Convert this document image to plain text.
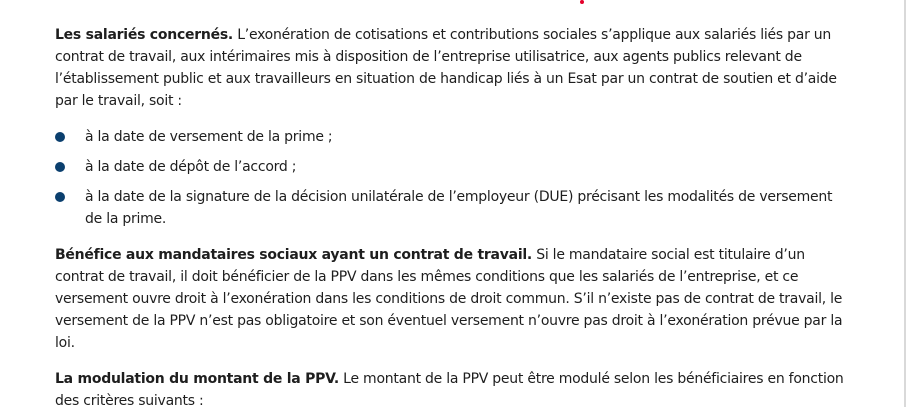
Les salariés concernés. L’exonération de cotisations et contributions sociales s’applique aux salariés liés par un contrat de travail, aux intérimaires mis à disposition de l’entreprise utilisatrice, aux agents publics relevant de l’établissement public et aux travailleurs en situation de handicap liés à un Esat par un contrat de soutien et d’aide par le travail, soit :

à la date de versement de la prime ;
à la date de dépôt de l’accord ;
à la date de la signature de la décision unilatérale de l’employeur (DUE) précisant les modalités de versement de la prime.

Bénéfice aux mandataires sociaux ayant un contrat de travail. Si le mandataire social est titulaire d’un contrat de travail, il doit bénéficier de la PPV dans les mêmes conditions que les salariés de l’entreprise, et ce versement ouvre droit à l’exonération dans les conditions de droit commun. S’il n’existe pas de contrat de travail, le versement de la PPV n’est pas obligatoire et son éventuel versement n’ouvre pas droit à l’exonération prévue par la loi.

La modulation du montant de la PPV. Le montant de la PPV peut être modulé selon les bénéficiaires en fonction des critères suivants :
